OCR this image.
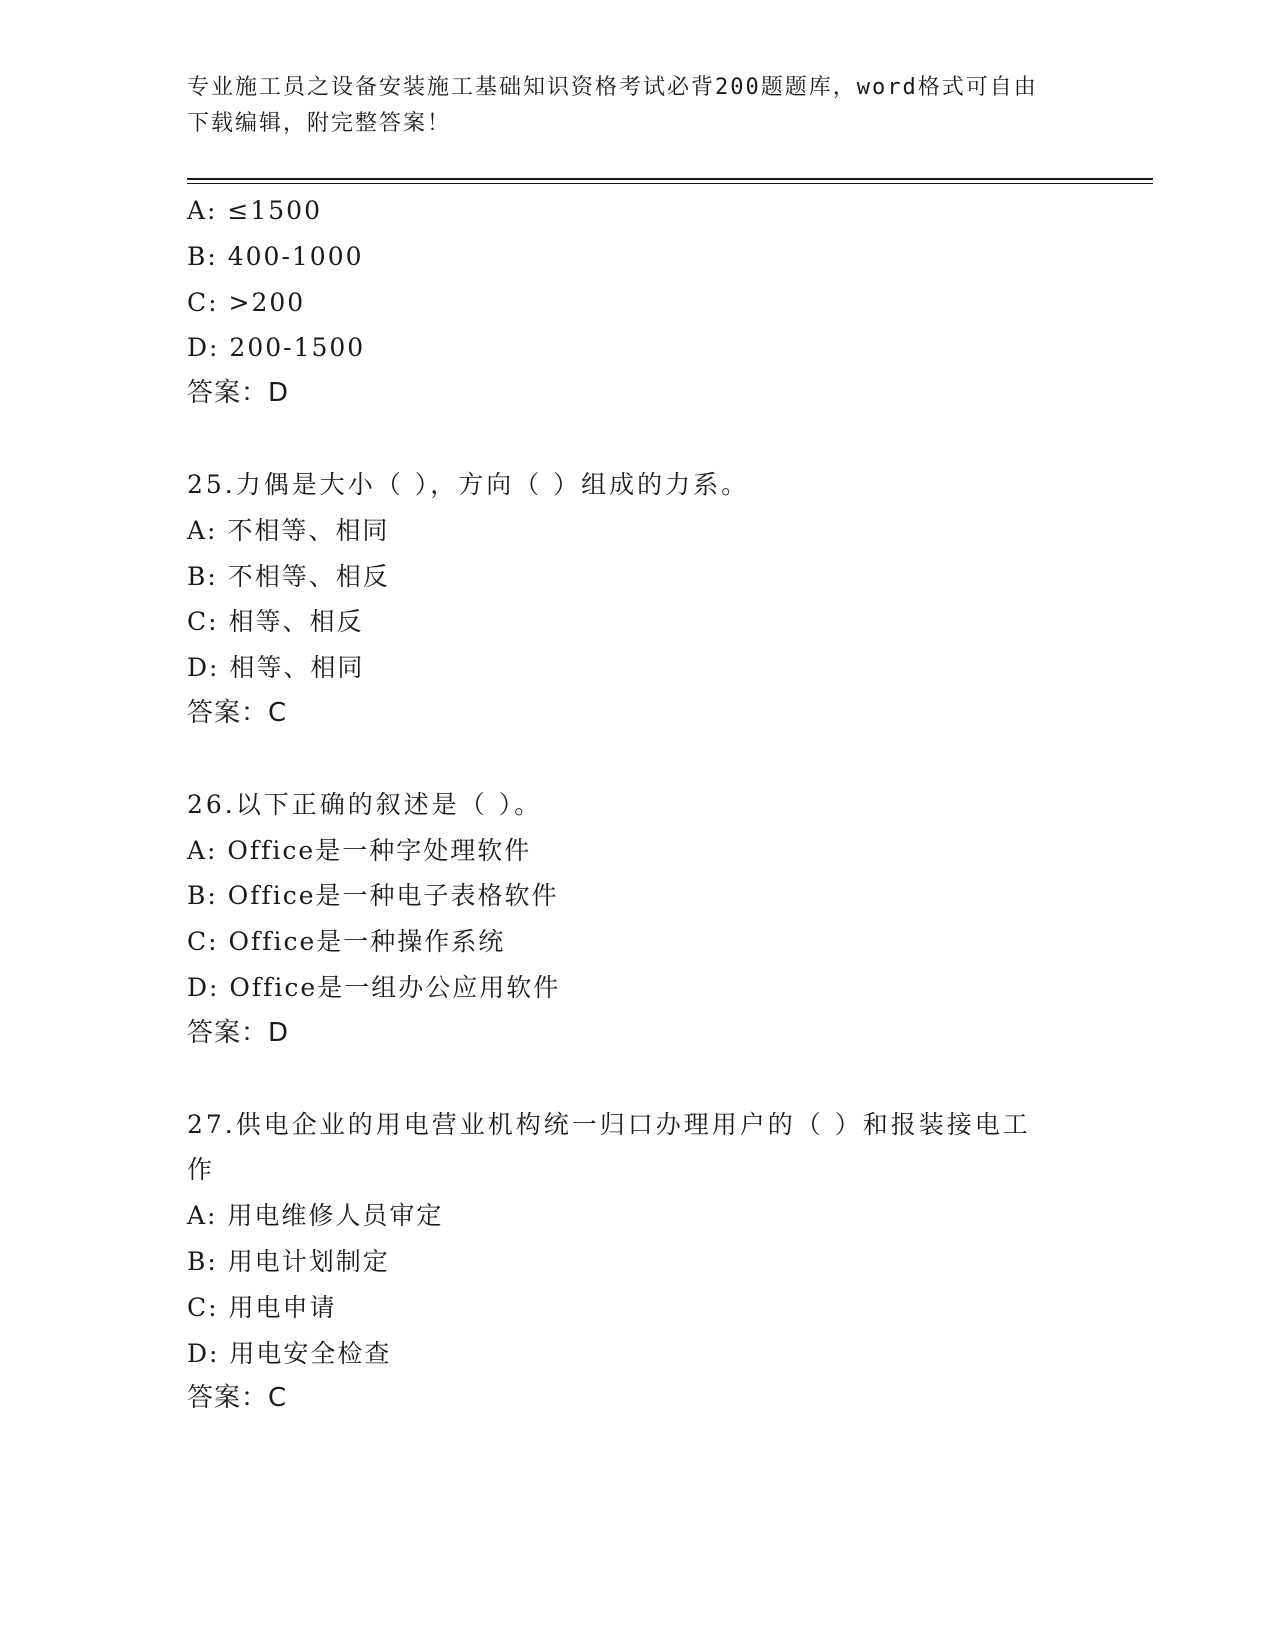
专业施工员之设备安装施工基础知识资格考试必背200题题库，word格式可自由
下载编辑，附完整答案！
A: ≤1500
B: 400-1000
C: >200
D: 200-1500
答案：D
25.力偶是大小（ ），方向（ ）组成的力系。
A: 不相等、相同
B: 不相等、相反
C: 相等、相反
D: 相等、相同
答案：C
26.以下正确的叙述是（ ）。
A: Office是一种字处理软件
B: Office是一种电子表格软件
C: Office是一种操作系统
D: Office是一组办公应用软件
答案：D
27.供电企业的用电营业机构统一归口办理用户的（ ）和报装接电工
作
A: 用电维修人员审定
B: 用电计划制定
C: 用电申请
D: 用电安全检查
答案：C
